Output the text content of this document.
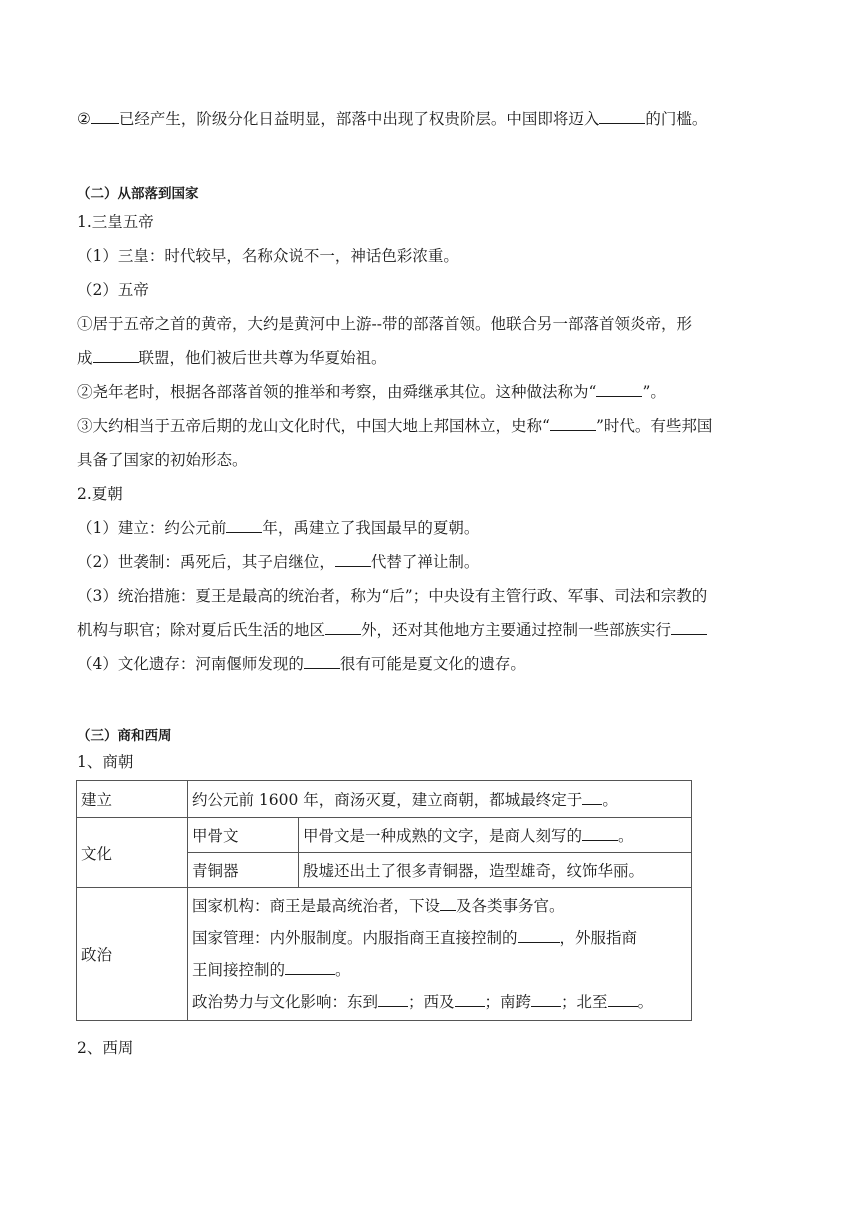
② 已经产生，阶级分化日益明显，部落中出现了权贵阶层。中国即将迈入	的门槛。
（二）从部落到国家
1.三皇五帝
（1）三皇：时代较早，名称众说不一，神话色彩浓重。
（2）五帝
①居于五帝之首的黄帝，大约是黄河中上游--带的部落首领。他联合另一部落首领炎帝，形
成	联盟，他们被后世共尊为华夏始祖。
②尧年老时，根据各部落首领的推举和考察，由舜继承其位。这种做法称为“	”。
③大约相当于五帝后期的龙山文化时代，中国大地上邦国林立，史称“	”时代。有些邦国
具备了国家的初始形态。
2.夏朝
（1）建立：约公元前 年，禹建立了我国最早的夏朝。
（2）世袭制：禹死后，其子启继位， 代替了禅让制。
（3）统治措施：夏王是最高的统治者，称为“后”；中央设有主管行政、军事、司法和宗教的
机构与职官；除对夏后氏生活的地区 外，还对其他地方主要通过控制一些部族实行
（4）文化遗存：河南偃师发现的 很有可能是夏文化的遗存。
（三）商和西周
1、商朝
建立	约公元前 1600 年，商汤灭夏，建立商朝，都城最终定于 。	
文化	甲骨文	甲骨文是一种成熟的文字，是商人刻写的 。
	青铜器	殷墟还出土了很多青铜器，造型雄奇，纹饰华丽。
政治	国家机构：商王是最高统治者，下设 及各类事务官。
国家管理：内外服制度。内服指商王直接控制的 ，外服指商
王间接控制的 。
政治势力与文化影响：东到 ；西及 ；南跨 ；北至 。	
2、西周
